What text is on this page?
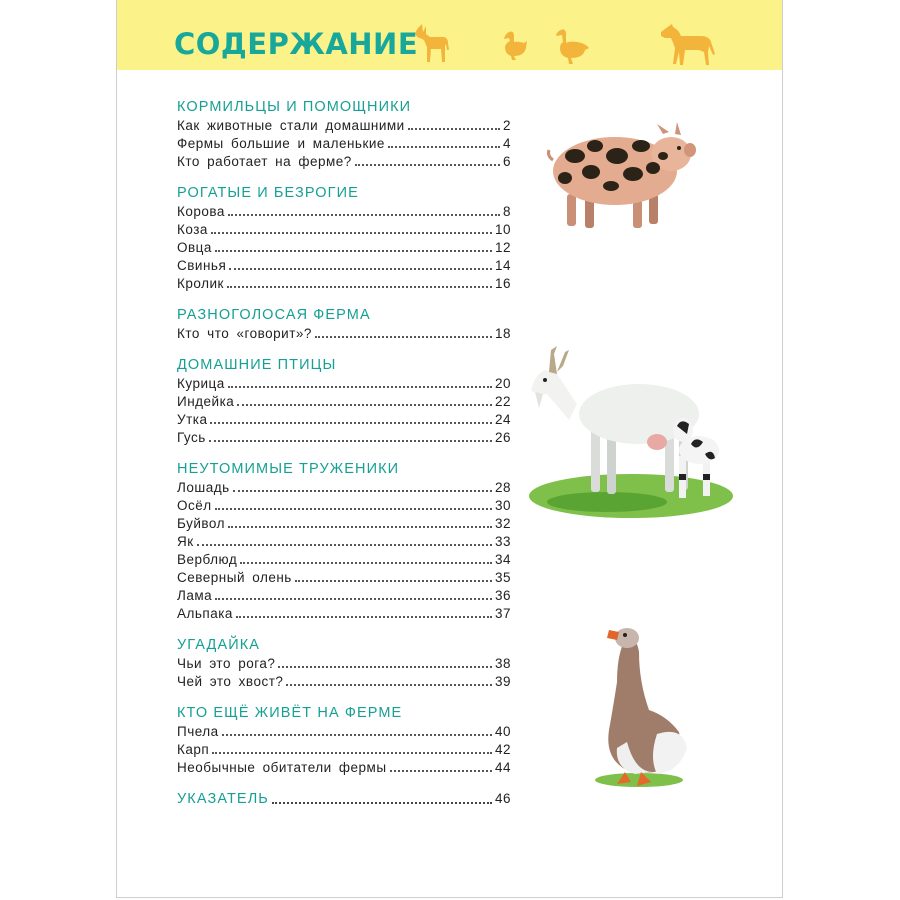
СОДЕРЖАНИЕ
КОРМИЛЬЦЫ И ПОМОЩНИКИ
Как животные стали домашними	2
Фермы большие и маленькие	4
Кто работает на ферме?	6
РОГАТЫЕ И БЕЗРОГИЕ
Корова	8
Коза	10
Овца	12
Свинья	14
Кролик	16
РАЗНОГОЛОСАЯ ФЕРМА
Кто что «говорит»?	18
ДОМАШНИЕ ПТИЦЫ
Курица	20
Индейка	22
Утка	24
Гусь	26
НЕУТОМИМЫЕ ТРУЖЕНИКИ
Лошадь	28
Осёл	30
Буйвол	32
Як	33
Верблюд	34
Северный олень	35
Лама	36
Альпака	37
УГАДАЙКА
Чьи это рога?	38
Чей это хвост?	39
КТО ЕЩЁ ЖИВЁТ НА ФЕРМЕ
Пчела	40
Карп	42
Необычные обитатели фермы	44
УКАЗАТЕЛЬ	46
